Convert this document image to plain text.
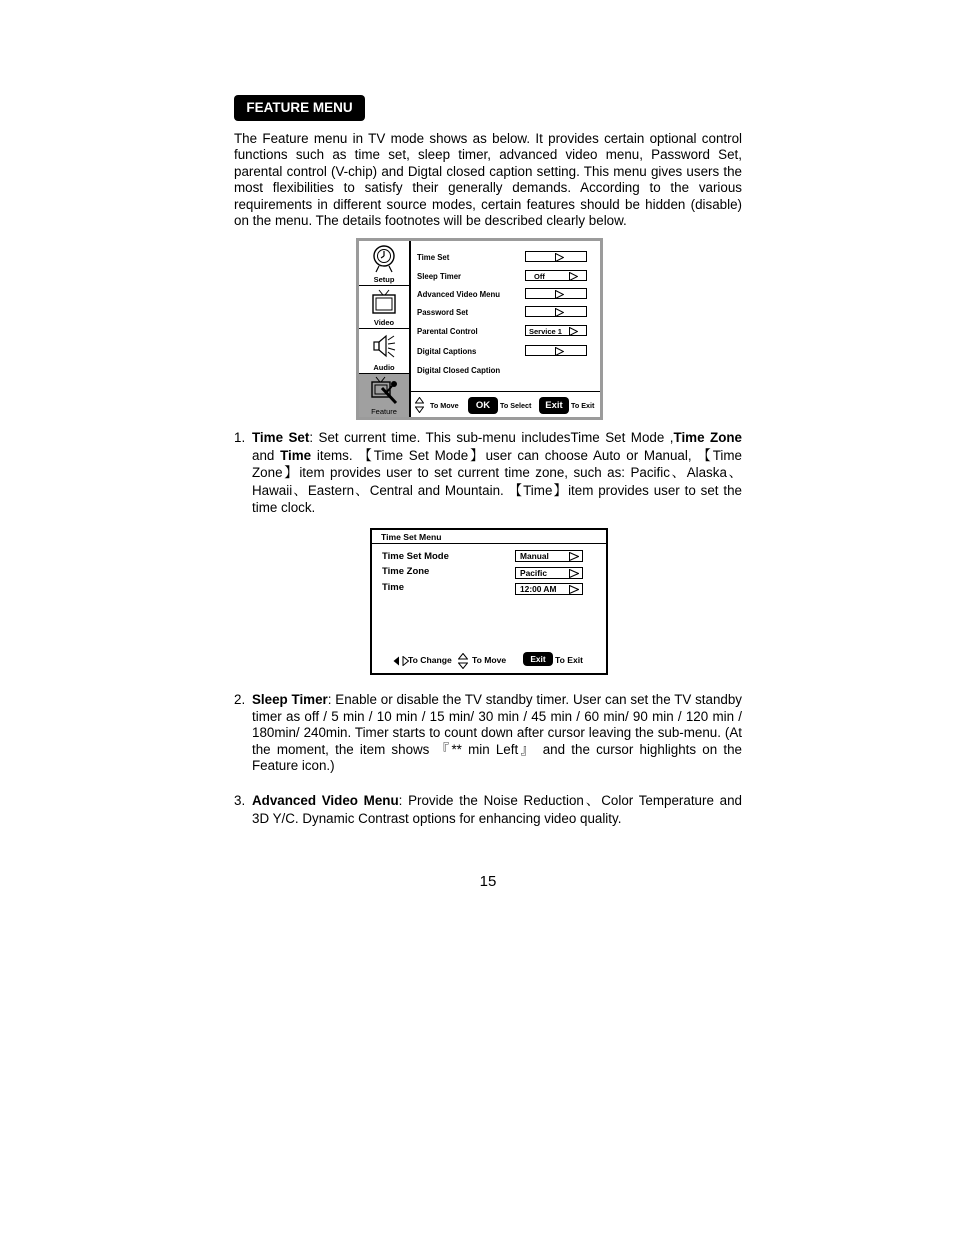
FEATURE MENU

The Feature menu in TV mode shows as below. It provides certain optional control functions such as time set, sleep timer, advanced video menu, Password Set, parental control (V-chip) and Digtal closed caption setting. This menu gives users the most flexibilities to satisfy their generally demands. According to the various requirements in different source modes, certain features should be hidden (disable) on the menu. The details footnotes will be described clearly below.

Setup
Video
Audio
Feature
Time Set
Sleep Timer	Off
Advanced Video Menu
Password Set
Parental Control	Service 1
Digital Captions
Digital Closed Caption
To Move	OK	To Select	Exit	To Exit
1. Time Set: Set current time. This sub-menu includesTime Set Mode ,Time Zone and Time items. 【Time Set Mode】user can choose Auto or Manual, 【Time Zone】item provides user to set current time zone, such as: Pacific、Alaska、Hawaii、Eastern、Central and Mountain. 【Time】item provides user to set the time clock.
Time Set Menu
Time Set Mode	Manual
Time Zone	Pacific
Time	12:00 AM
To Change To Move	Exit	To Exit
2. Sleep Timer: Enable or disable the TV standby timer. User can set the TV standby timer as off / 5 min / 10 min / 15 min/ 30 min / 45 min / 60 min/ 90 min / 120 min / 180min/ 240min. Timer starts to count down after cursor leaving the sub-menu. (At the moment, the item shows 『** min Left』 and the cursor highlights on the Feature icon.)
3. Advanced Video Menu: Provide the Noise Reduction、Color Temperature and 3D Y/C. Dynamic Contrast options for enhancing video quality.
15
